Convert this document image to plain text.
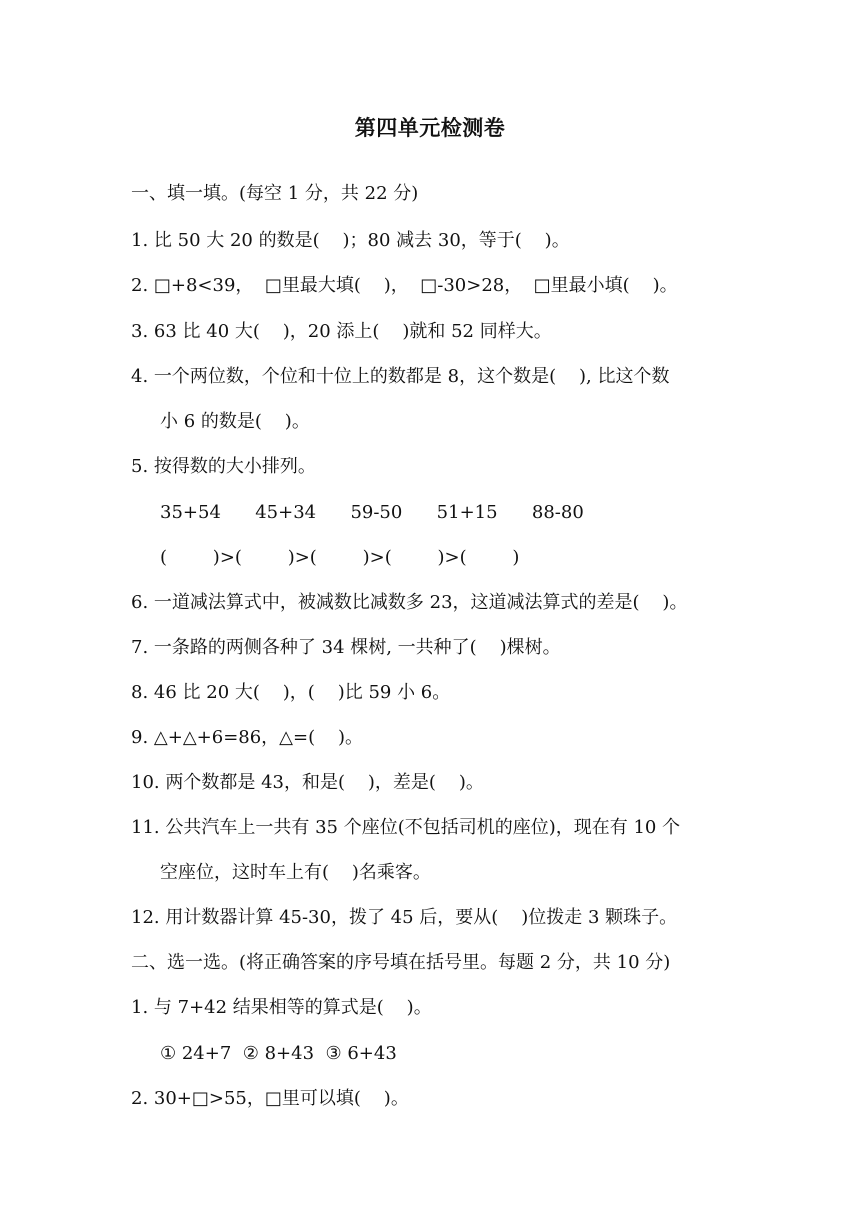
第四单元检测卷
一、填一填。(每空 1 分，共 22 分)
1. 比 50 大 20 的数是(    )；80 减去 30，等于(    )。
2. □+8<39，  □里最大填(    )，  □-30>28，  □里最小填(    )。
3. 63 比 40 大(    )，20 添上(    )就和 52 同样大。
4. 一个两位数，个位和十位上的数都是 8，这个数是(    ), 比这个数
小 6 的数是(    )。
5. 按得数的大小排列。
35+54      45+34      59-50      51+15      88-80
(        )>(        )>(        )>(        )>(        )
6. 一道减法算式中，被减数比减数多 23，这道减法算式的差是(    )。
7. 一条路的两侧各种了 34 棵树, 一共种了(    )棵树。
8. 46 比 20 大(    )，(    )比 59 小 6。
9. △+△+6=86，△=(    )。
10. 两个数都是 43，和是(    )，差是(    )。
11. 公共汽车上一共有 35 个座位(不包括司机的座位)，现在有 10 个
空座位，这时车上有(    )名乘客。
12. 用计数器计算 45-30，拨了 45 后，要从(    )位拨走 3 颗珠子。
二、选一选。(将正确答案的序号填在括号里。每题 2 分，共 10 分)
1. 与 7+42 结果相等的算式是(    )。
① 24+7  ② 8+43  ③ 6+43
2. 30+□>55，□里可以填(    )。
